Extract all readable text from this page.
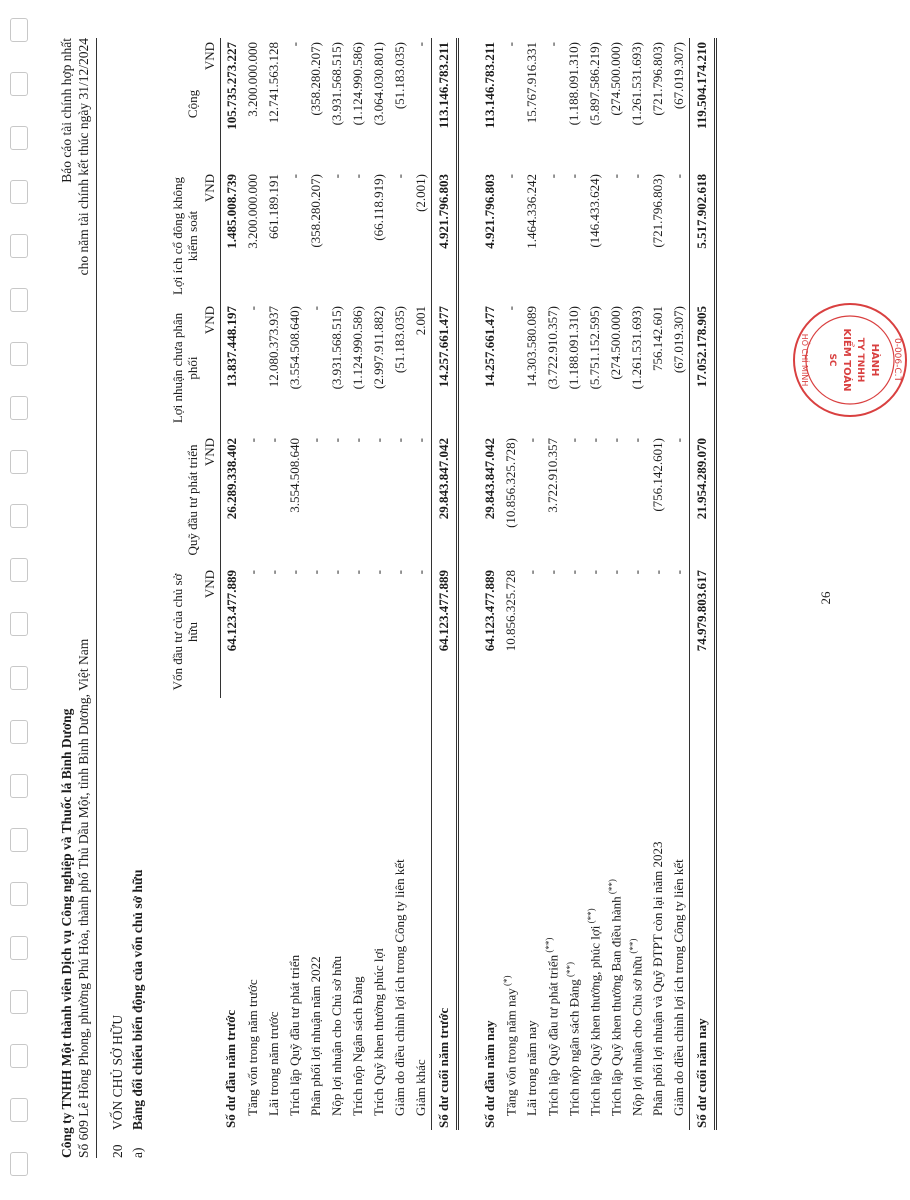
Công ty TNHH Một thành viên Dịch vụ Công nghiệp và Thuốc lá Bình Dương Số 609 Lê Hồng Phong, phường Phú Hòa, thành phố Thủ Dầu Một, tỉnh Bình Dương, Việt Nam
Báo cáo tài chính hợp nhất cho năm tài chính kết thúc ngày 31/12/2024
20VỐN CHỦ SỞ HỮU
a)Bảng đối chiếu biến động của vốn chủ sở hữu
	Vốn đầu tư của chủ sở hữu	Quỹ đầu tư phát triển	Lợi nhuận chưa phân phối	Lợi ích cổ đông không kiểm soát	Cộng
	VND	VND	VND	VND	VND
Số dư đầu năm trước	64.123.477.889	26.289.338.402	13.837.448.197	1.485.008.739	105.735.273.227
Tăng vốn trong năm trước	-	-	-	3.200.000.000	3.200.000.000
Lãi trong năm trước	-	-	12.080.373.937	661.189.191	12.741.563.128
Trích lập Quỹ đầu tư phát triển	-	3.554.508.640	(3.554.508.640)	-	-
Phân phối lợi nhuận năm 2022	-	-	-	(358.280.207)	(358.280.207)
Nộp lợi nhuận cho Chủ sở hữu	-	-	(3.931.568.515)	-	(3.931.568.515)
Trích nộp Ngân sách Đảng	-	-	(1.124.990.586)	-	(1.124.990.586)
Trích Quỹ khen thưởng phúc lợi	-	-	(2.997.911.882)	(66.118.919)	(3.064.030.801)
Giảm do điều chỉnh lợi ích trong Công ty liên kết	-	-	(51.183.035)	-	(51.183.035)
Giảm khác	-	-	2.001	(2.001)	-
Số dư cuối năm trước	64.123.477.889	29.843.847.042	14.257.661.477	4.921.796.803	113.146.783.211

Số dư đầu năm nay	64.123.477.889	29.843.847.042	14.257.661.477	4.921.796.803	113.146.783.211
Tăng vốn trong năm nay (*)	10.856.325.728	(10.856.325.728)	-	-	-
Lãi trong năm nay	-	-	14.303.580.089	1.464.336.242	15.767.916.331
Trích lập Quỹ đầu tư phát triển (**)	-	3.722.910.357	(3.722.910.357)	-	-
Trích nộp ngân sách Đảng (**)	-	-	(1.188.091.310)	-	(1.188.091.310)
Trích lập Quỹ khen thưởng, phúc lợi (**)	-	-	(5.751.152.595)	(146.433.624)	(5.897.586.219)
Trích lập Quỹ khen thưởng Ban điều hành (**)	-	-	(274.500.000)	-	(274.500.000)
Nộp lợi nhuận cho Chủ sở hữu (**)	-	-	(1.261.531.693)	-	(1.261.531.693)
Phân phối lợi nhuận và Quỹ ĐTPT còn lại năm 2023	-	(756.142.601)	756.142.601	(721.796.803)	(721.796.803)
Giảm do điều chỉnh lợi ích trong Công ty liên kết	-	-	(67.019.307)	-	(67.019.307)
Số dư cuối năm nay	74.979.803.617	21.954.289.070	17.052.178.905	5.517.902.618	119.504.174.210
26
0-006-C.T
HÀNH
TY TNHH
KIỂM TOÁN
SC
HỒ CHÍ MINH
